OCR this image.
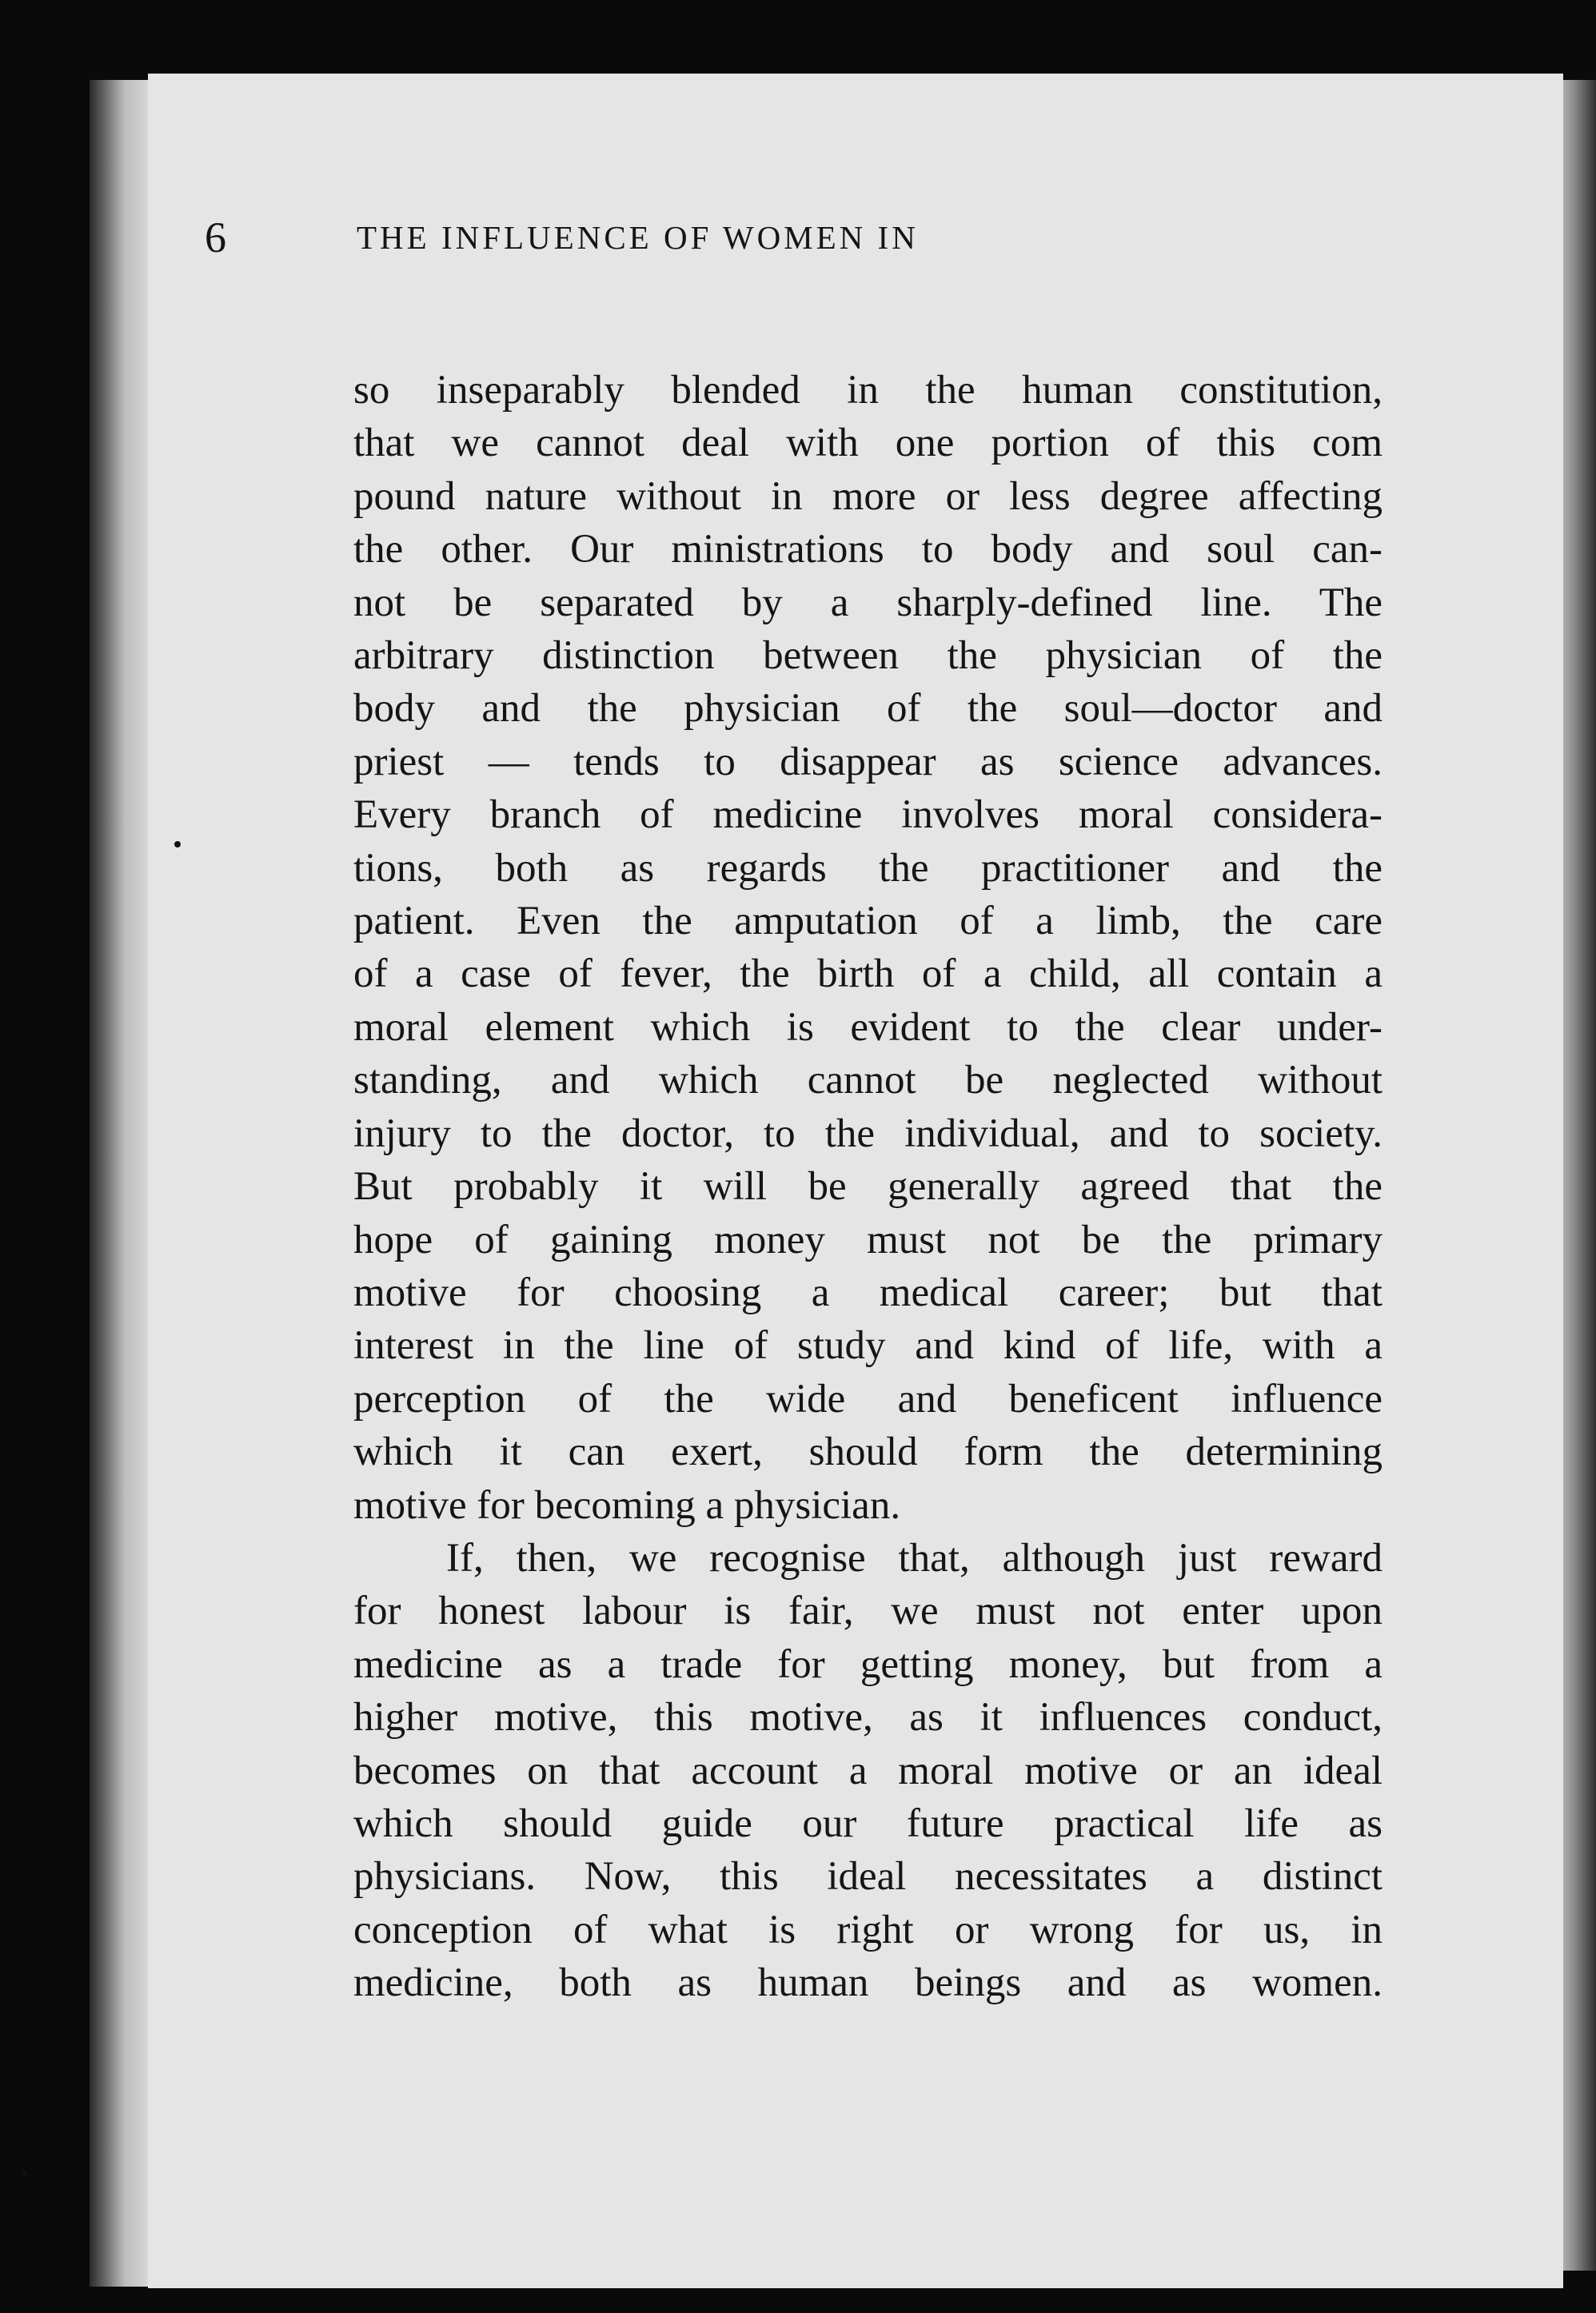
6	THE INFLUENCE OF WOMEN IN
so inseparably blended in the human constitution,
that we cannot deal with one portion of this com
pound nature without in more or less degree affecting
the other. Our ministrations to body and soul can-
not be separated by a sharply-defined line. The
arbitrary distinction between the physician of the
body and the physician of the soul—doctor and
priest — tends to disappear as science advances.
Every branch of medicine involves moral considera-
tions, both as regards the practitioner and the
patient. Even the amputation of a limb, the care
of a case of fever, the birth of a child, all contain a
moral element which is evident to the clear under-
standing, and which cannot be neglected without
injury to the doctor, to the individual, and to society.
But probably it will be generally agreed that the
hope of gaining money must not be the primary
motive for choosing a medical career; but that
interest in the line of study and kind of life, with a
perception of the wide and beneficent influence
which it can exert, should form the determining
motive for becoming a physician.
If, then, we recognise that, although just reward
for honest labour is fair, we must not enter upon
medicine as a trade for getting money, but from a
higher motive, this motive, as it influences conduct,
becomes on that account a moral motive or an ideal
which should guide our future practical life as
physicians. Now, this ideal necessitates a distinct
conception of what is right or wrong for us, in
medicine, both as human beings and as women.
